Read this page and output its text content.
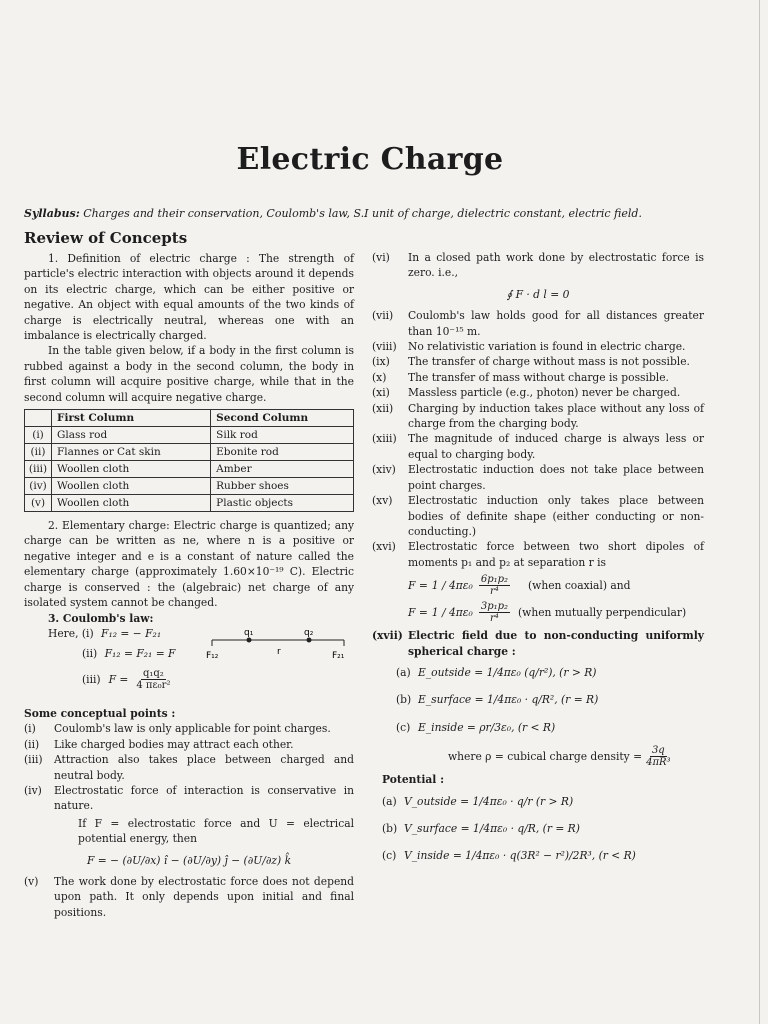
Electric Charge
Syllabus: Charges and their conservation, Coulomb's law, S.I unit of charge, dielectric constant, electric field.
Review of Concepts

1. Definition of electric charge : The strength of particle's electric interaction with objects around it depends on its electric charge, which can be either positive or negative. An object with equal amounts of the two kinds of charge is electrically neutral, whereas one with an imbalance is electrically charged.

In the table given below, if a body in the first column is rubbed against a body in the second column, the body in first column will acquire positive charge, while that in the second column will acquire negative charge.

	First Column	Second Column
(i)	Glass rod	Silk rod
(ii)	Flannes or Cat skin	Ebonite rod
(iii)	Woollen cloth	Amber
(iv)	Woollen cloth	Rubber shoes
(v)	Woollen cloth	Plastic objects

2. Elementary charge: Electric charge is quantized; any charge can be written as ne, where n is a positive or negative integer and e is a constant of nature called the elementary charge (approximately 1.60×10⁻¹⁹ C). Electric charge is conserved : the (algebraic) net charge of any isolated system cannot be changed.

3. Coulomb's law:

Here, (i) F₁₂ = − F₂₁
(ii) F₁₂ = F₂₁ = F
(iii) $F = \frac{\text{q₁q₂}}{\text{4 πε₀r²}}$
q₁	q₂
r
F₁₂	F₂₁

Some conceptual points :

(i)	Coulomb's law is only applicable for point charges.
(ii)	Like charged bodies may attract each other.
(iii)	Attraction also takes place between charged and neutral body.
(iv)	Electrostatic force of interaction is conservative in nature.

If F = electrostatic force and U = electrical potential energy, then

F = − (∂U/∂x) î − (∂U/∂y) ĵ − (∂U/∂z) k̂

(v)	The work done by electrostatic force does not depend upon path. It only depends upon initial and final positions.
(vi)	In a closed path work done by electrostatic force is zero. i.e.,

∮ F · d l = 0

(vii)	Coulomb's law holds good for all distances greater than 10⁻¹⁵ m.
(viii)	No relativistic variation is found in electric charge.
(ix)	The transfer of charge without mass is not possible.
(x)	The transfer of mass without charge is possible.
(xi)	Massless particle (e.g., photon) never be charged.
(xii)	Charging by induction takes place without any loss of charge from the charging body.
(xiii)	The magnitude of induced charge is always less or equal to charging body.
(xiv)	Electrostatic induction does not take place between point charges.
(xv)	Electrostatic induction only takes place between bodies of definite shape (either conducting or non-conducting.)
(xvi)	Electrostatic force between two short dipoles of moments p₁ and p₂ at separation r is
$F = 1 / 4\pi\varepsilon_0 \frac{\text{6p₁p₂}}{\text{r⁴}}$ (when coaxial) and
$F = 1 / 4\pi\varepsilon_0 \frac{\text{3p₁p₂}}{\text{r⁴}}$ (when mutually perpendicular)
(xvii) Electric field due to non-conducting uniformly spherical charge :
(a) E_outside = 1/4πε₀ (q/r²), (r > R)
(b) E_surface = 1/4πε₀ · q/R², (r = R)
(c) E_inside = ρr/3ε₀, (r < R)
where ρ = cubical charge density = $\frac{3q}{\text{4πR³}}$

Potential :

(a) V_outside = 1/4πε₀ · q/r (r > R)
(b) V_surface = 1/4πε₀ · q/R, (r = R)
(c) V_inside = 1/4πε₀ · q(3R² − r²)/2R³, (r < R)
